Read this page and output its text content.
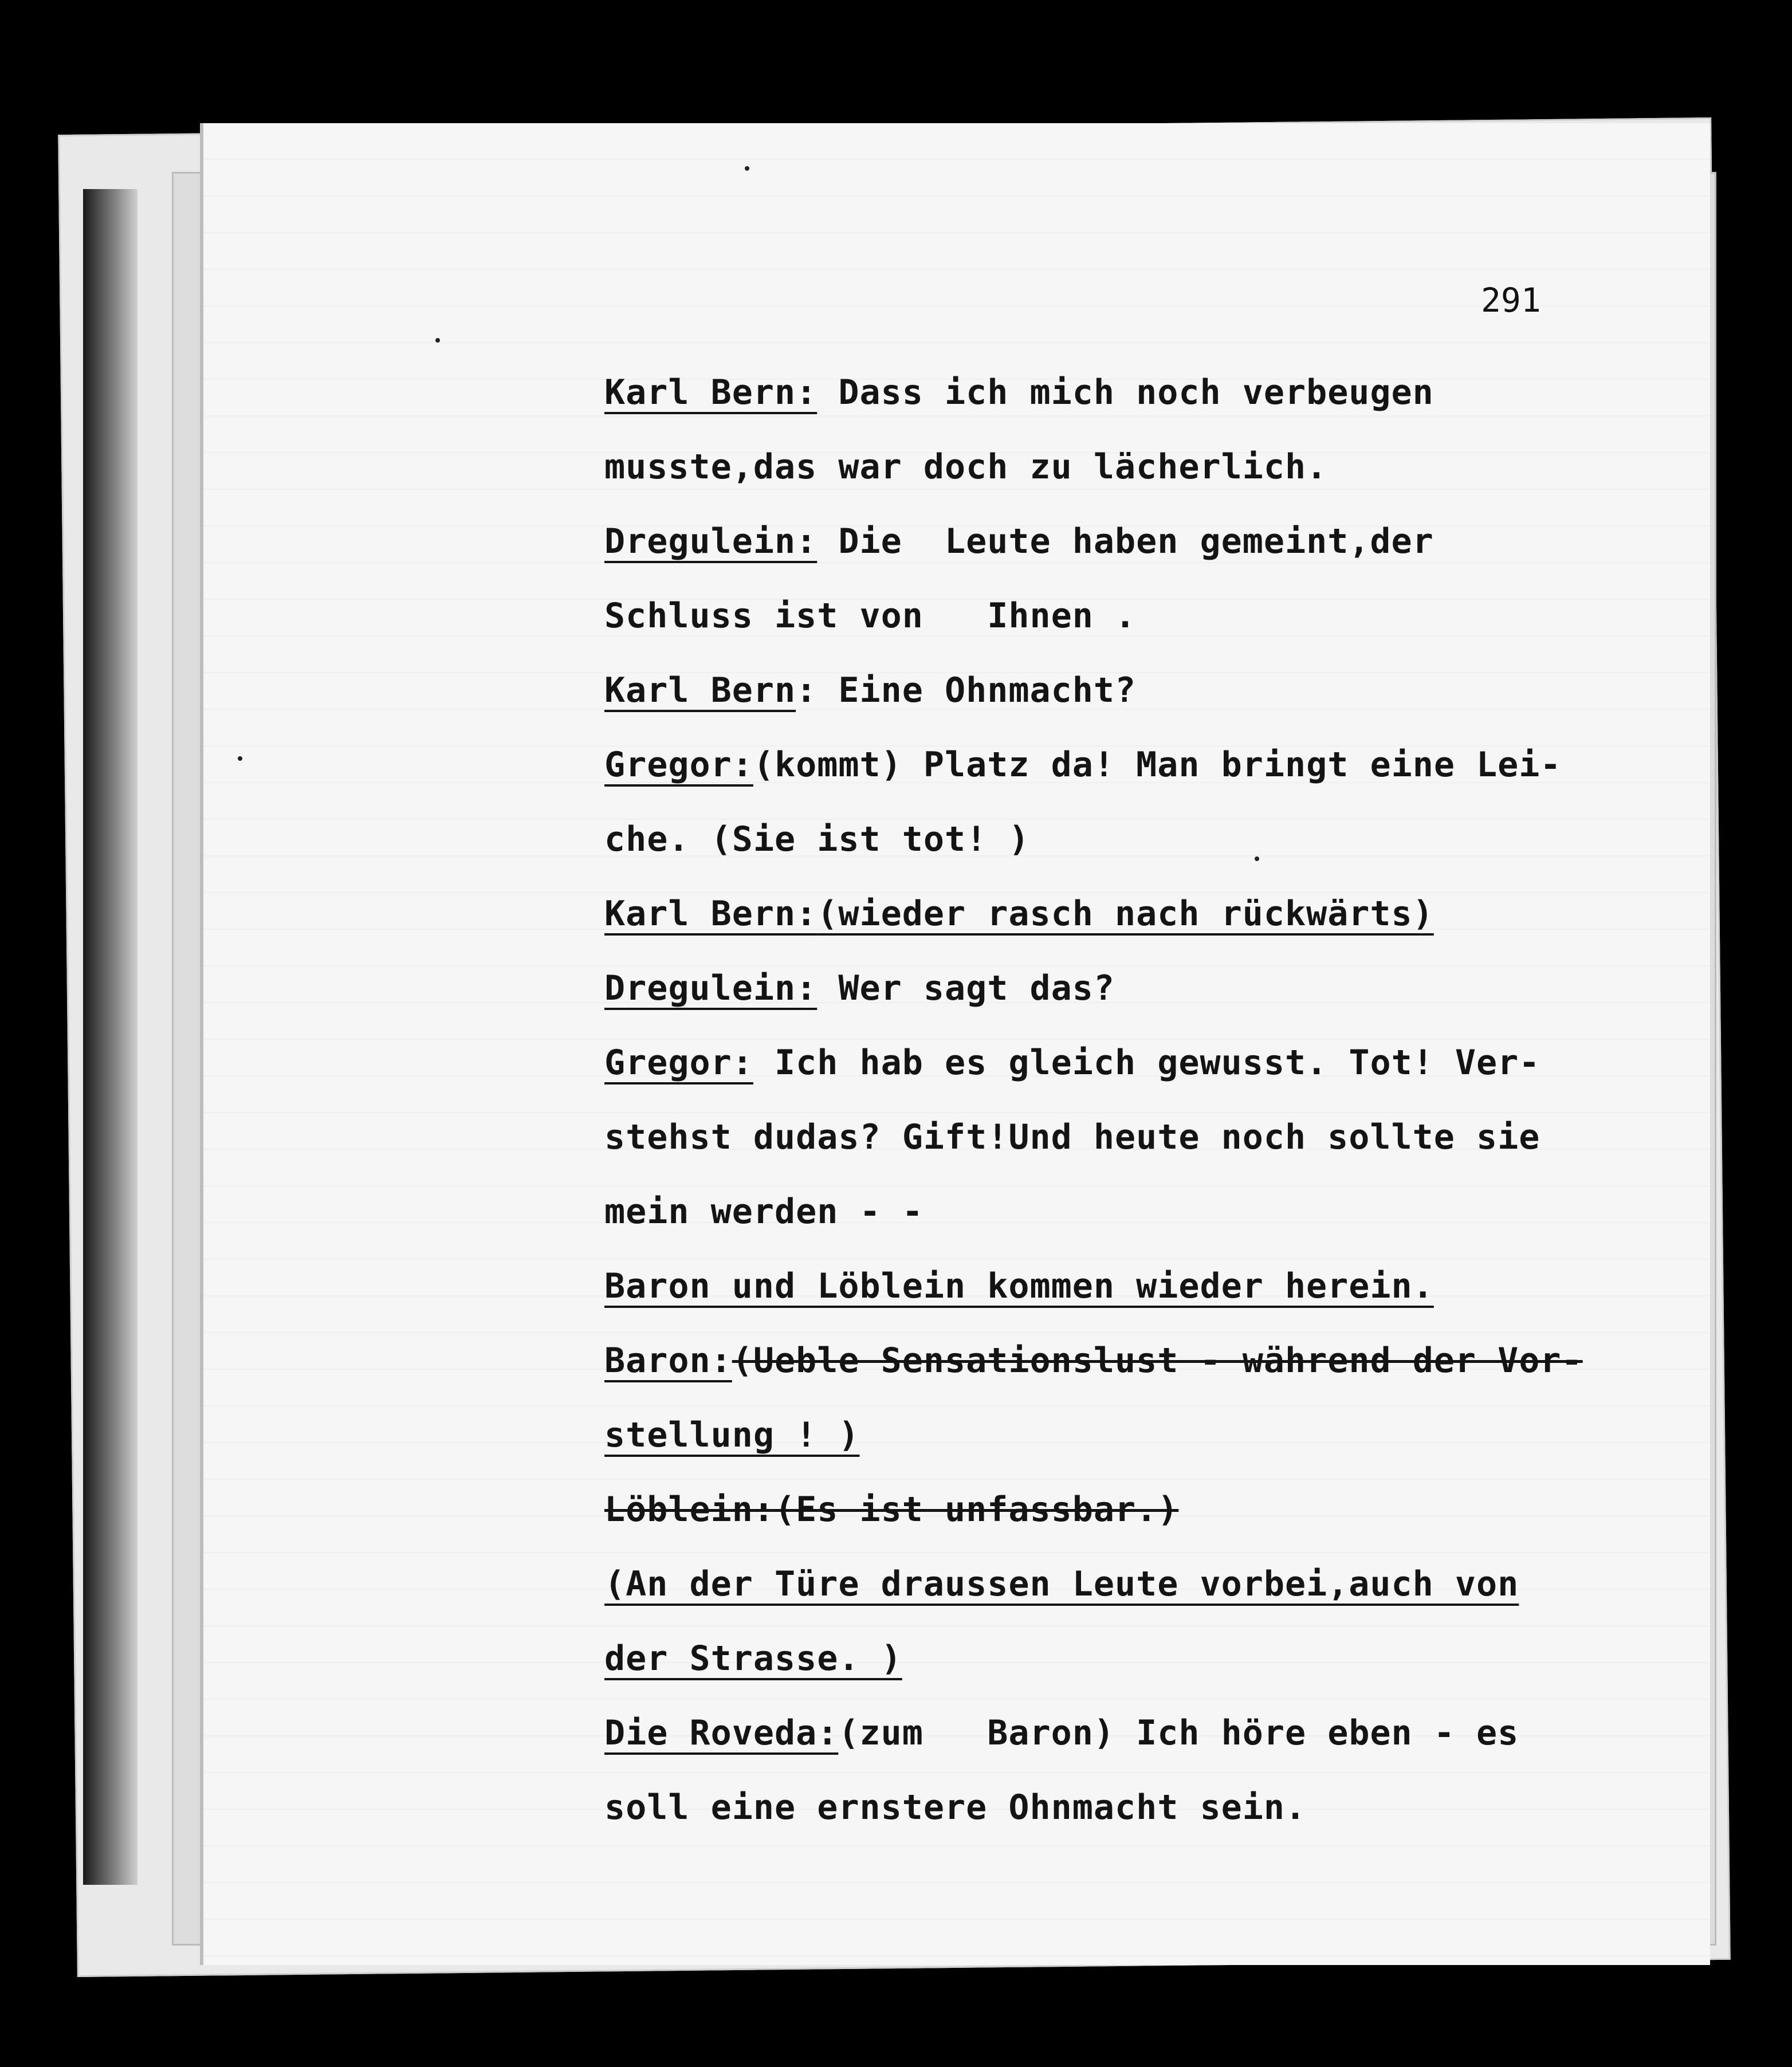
291
Karl Bern: Dass ich mich noch verbeugen
musste,das war doch zu lächerlich.
Dregulein: Die  Leute haben gemeint,der
Schluss ist von   Ihnen .
Karl Bern: Eine Ohnmacht?
Gregor:(kommt) Platz da! Man bringt eine Lei-
che. (Sie ist tot! )
Karl Bern:(wieder rasch nach rückwärts)
Dregulein: Wer sagt das?
Gregor: Ich hab es gleich gewusst. Tot! Ver-
stehst dudas? Gift!Und heute noch sollte sie
mein werden - -
Baron und Löblein kommen wieder herein.
Baron:(Ueble Sensationslust - während der Vor-
stellung ! )
Löblein:(Es ist unfassbar.)
(An der Türe draussen Leute vorbei,auch von
der Strasse. )
Die Roveda:(zum   Baron) Ich höre eben - es
soll eine ernstere Ohnmacht sein.
